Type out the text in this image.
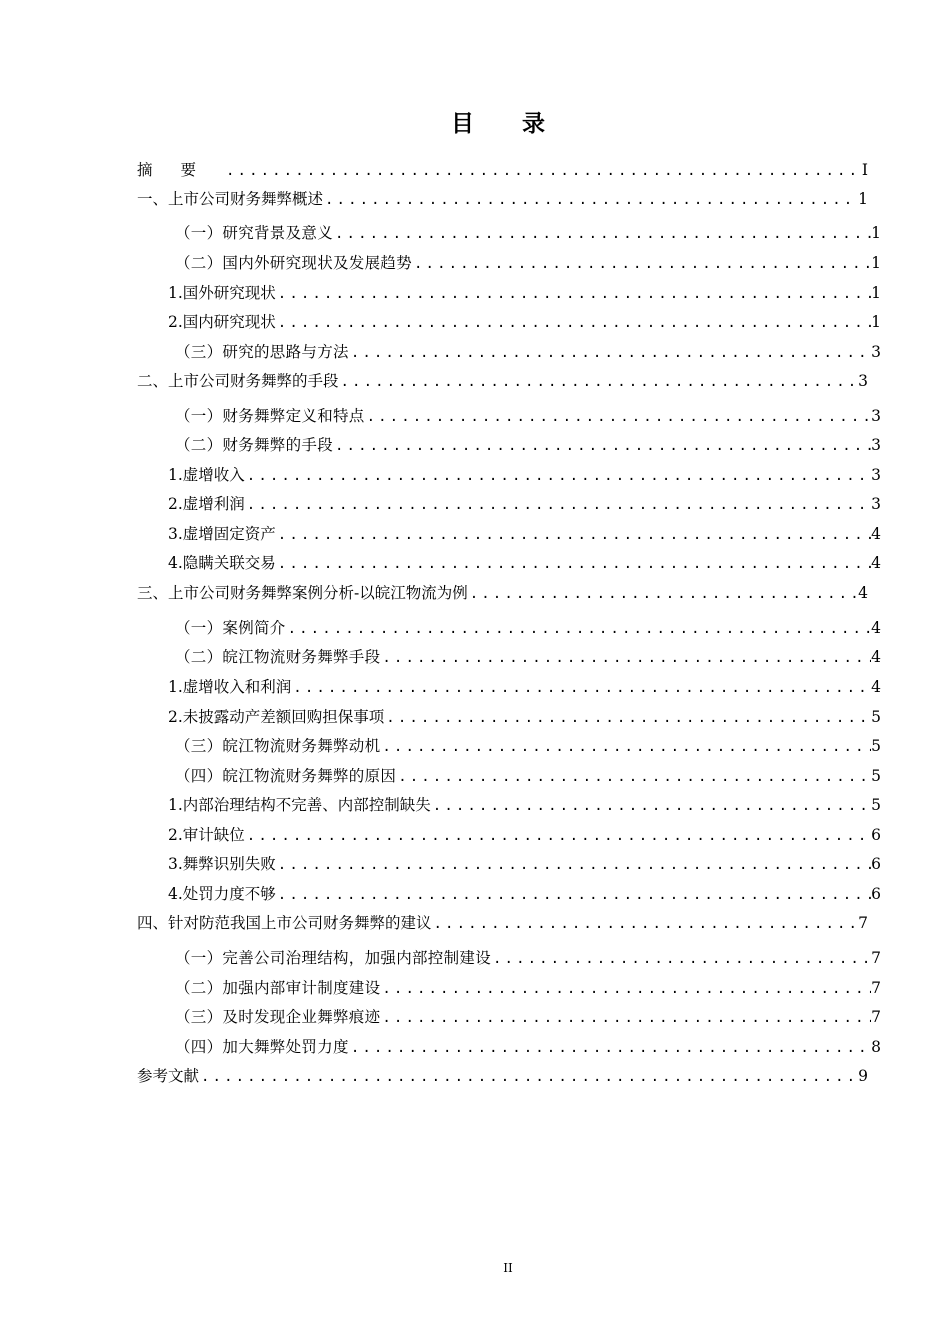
目 录
摘要 .....	I
一、上市公司财务舞弊概述 .....	1
（一）研究背景及意义 .....	1
（二）国内外研究现状及发展趋势 .....	1
1.国外研究现状 .....	1
2.国内研究现状 .....	1
（三）研究的思路与方法 .....	3
二、上市公司财务舞弊的手段 .....	3
（一）财务舞弊定义和特点 .....	3
（二）财务舞弊的手段 .....	3
1.虚增收入 .....	3
2.虚增利润 .....	3
3.虚增固定资产 .....	4
4.隐瞒关联交易 .....	4
三、上市公司财务舞弊案例分析-以皖江物流为例 .....	4
（一）案例简介 .....	4
（二）皖江物流财务舞弊手段 .....	4
1.虚增收入和利润 .....	4
2.未披露动产差额回购担保事项 .....	5
（三）皖江物流财务舞弊动机 .....	5
（四）皖江物流财务舞弊的原因 .....	5
1.内部治理结构不完善、内部控制缺失 .....	5
2.审计缺位 .....	6
3.舞弊识别失败 .....	6
4.处罚力度不够 .....	6
四、针对防范我国上市公司财务舞弊的建议 .....	7
（一）完善公司治理结构，加强内部控制建设 .....	7
（二）加强内部审计制度建设 .....	7
（三）及时发现企业舞弊痕迹 .....	7
（四）加大舞弊处罚力度 .....	8
参考文献 .....	9
II
